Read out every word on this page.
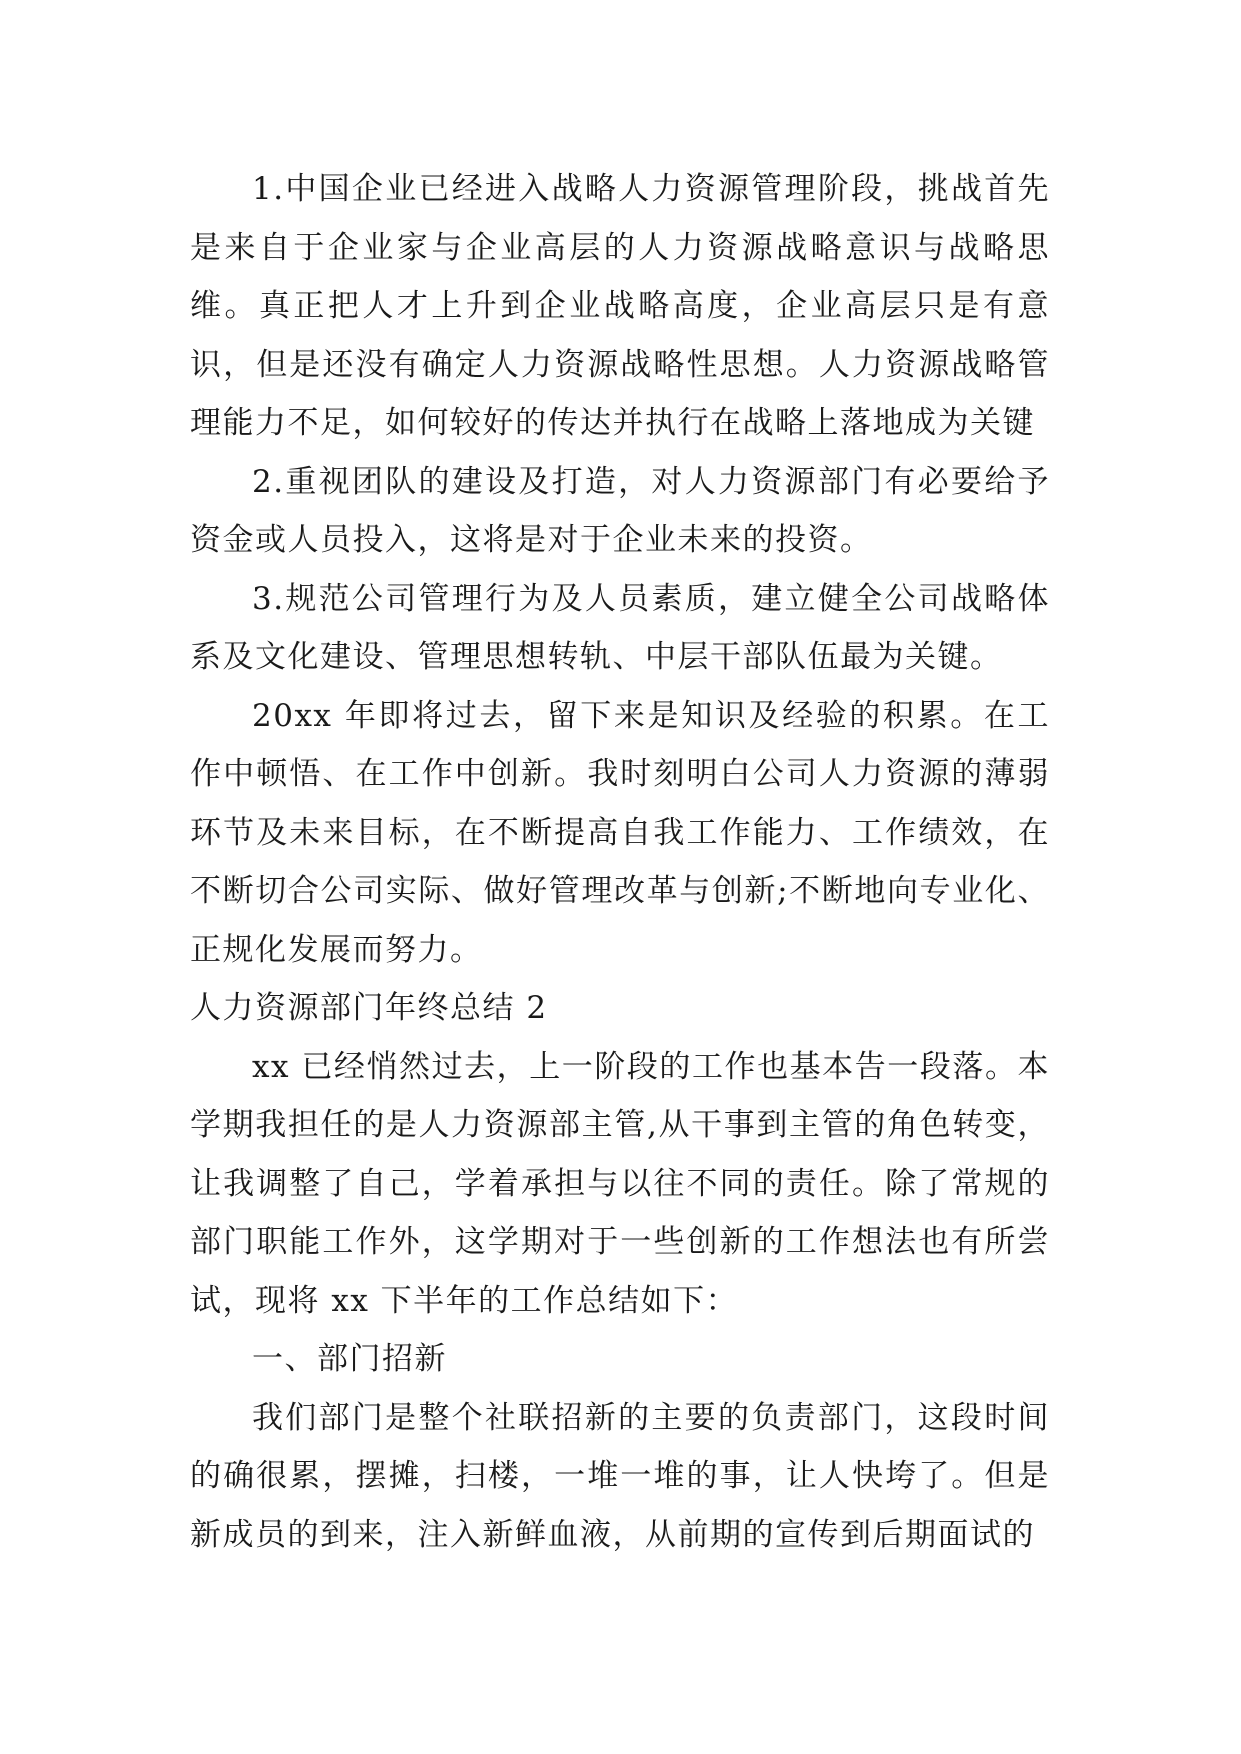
1.中国企业已经进入战略人力资源管理阶段，挑战首先是来自于企业家与企业高层的人力资源战略意识与战略思维。真正把人才上升到企业战略高度，企业高层只是有意识，但是还没有确定人力资源战略性思想。人力资源战略管理能力不足，如何较好的传达并执行在战略上落地成为关键

2.重视团队的建设及打造，对人力资源部门有必要给予资金或人员投入，这将是对于企业未来的投资。

3.规范公司管理行为及人员素质，建立健全公司战略体系及文化建设、管理思想转轨、中层干部队伍最为关键。

20xx 年即将过去，留下来是知识及经验的积累。在工作中顿悟、在工作中创新。我时刻明白公司人力资源的薄弱环节及未来目标，在不断提高自我工作能力、工作绩效，在不断切合公司实际、做好管理改革与创新;不断地向专业化、正规化发展而努力。

人力资源部门年终总结 2

xx 已经悄然过去，上一阶段的工作也基本告一段落。本学期我担任的是人力资源部主管,从干事到主管的角色转变，让我调整了自己，学着承担与以往不同的责任。除了常规的部门职能工作外，这学期对于一些创新的工作想法也有所尝试，现将 xx 下半年的工作总结如下：

一、部门招新

我们部门是整个社联招新的主要的负责部门，这段时间的确很累，摆摊，扫楼，一堆一堆的事，让人快垮了。但是新成员的到来，注入新鲜血液，从前期的宣传到后期面试的
